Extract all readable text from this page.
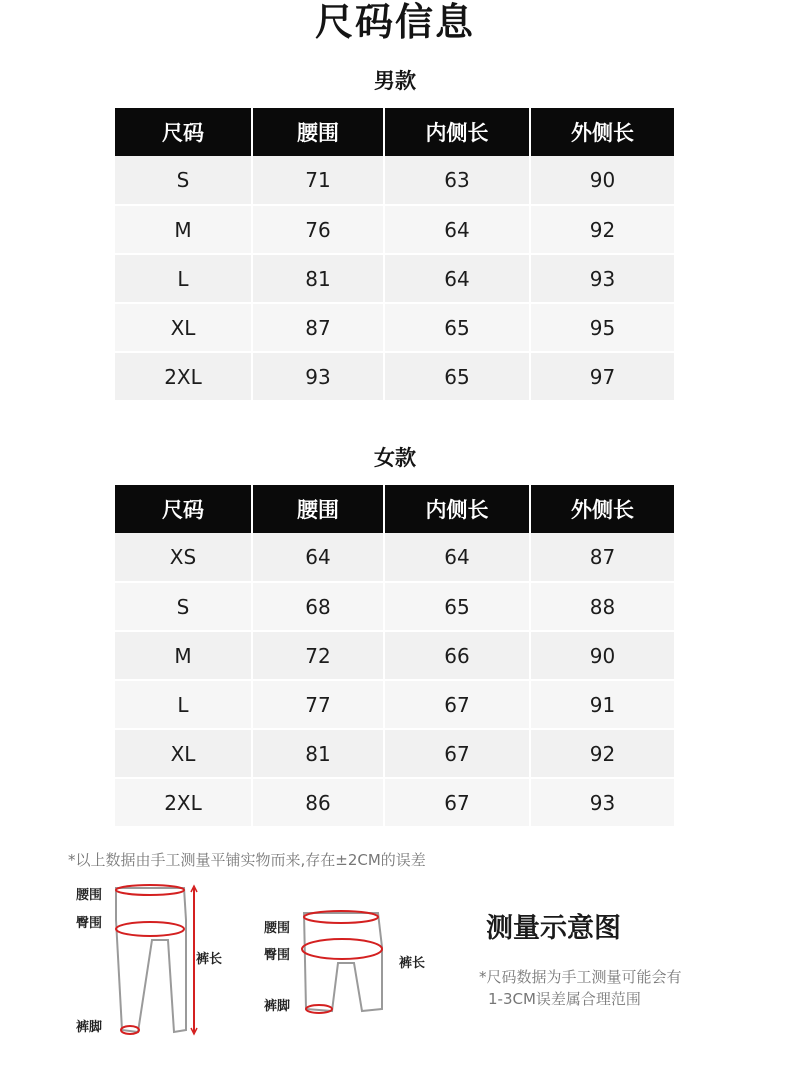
尺码信息
男款
尺码	腰围	内侧长	外侧长
S	71	63	90
M	76	64	92
L	81	64	93
XL	87	65	95
2XL	93	65	97
女款
尺码	腰围	内侧长	外侧长
XS	64	64	87
S	68	65	88
M	72	66	90
L	77	67	91
XL	81	67	92
2XL	86	67	93
*以上数据由手工测量平铺实物而来,存在±2CM的误差
腰围
臀围
裤长
裤脚
腰围
臀围
裤长
裤脚
测量示意图
*尺码数据为手工测量可能会有
1-3CM误差属合理范围
